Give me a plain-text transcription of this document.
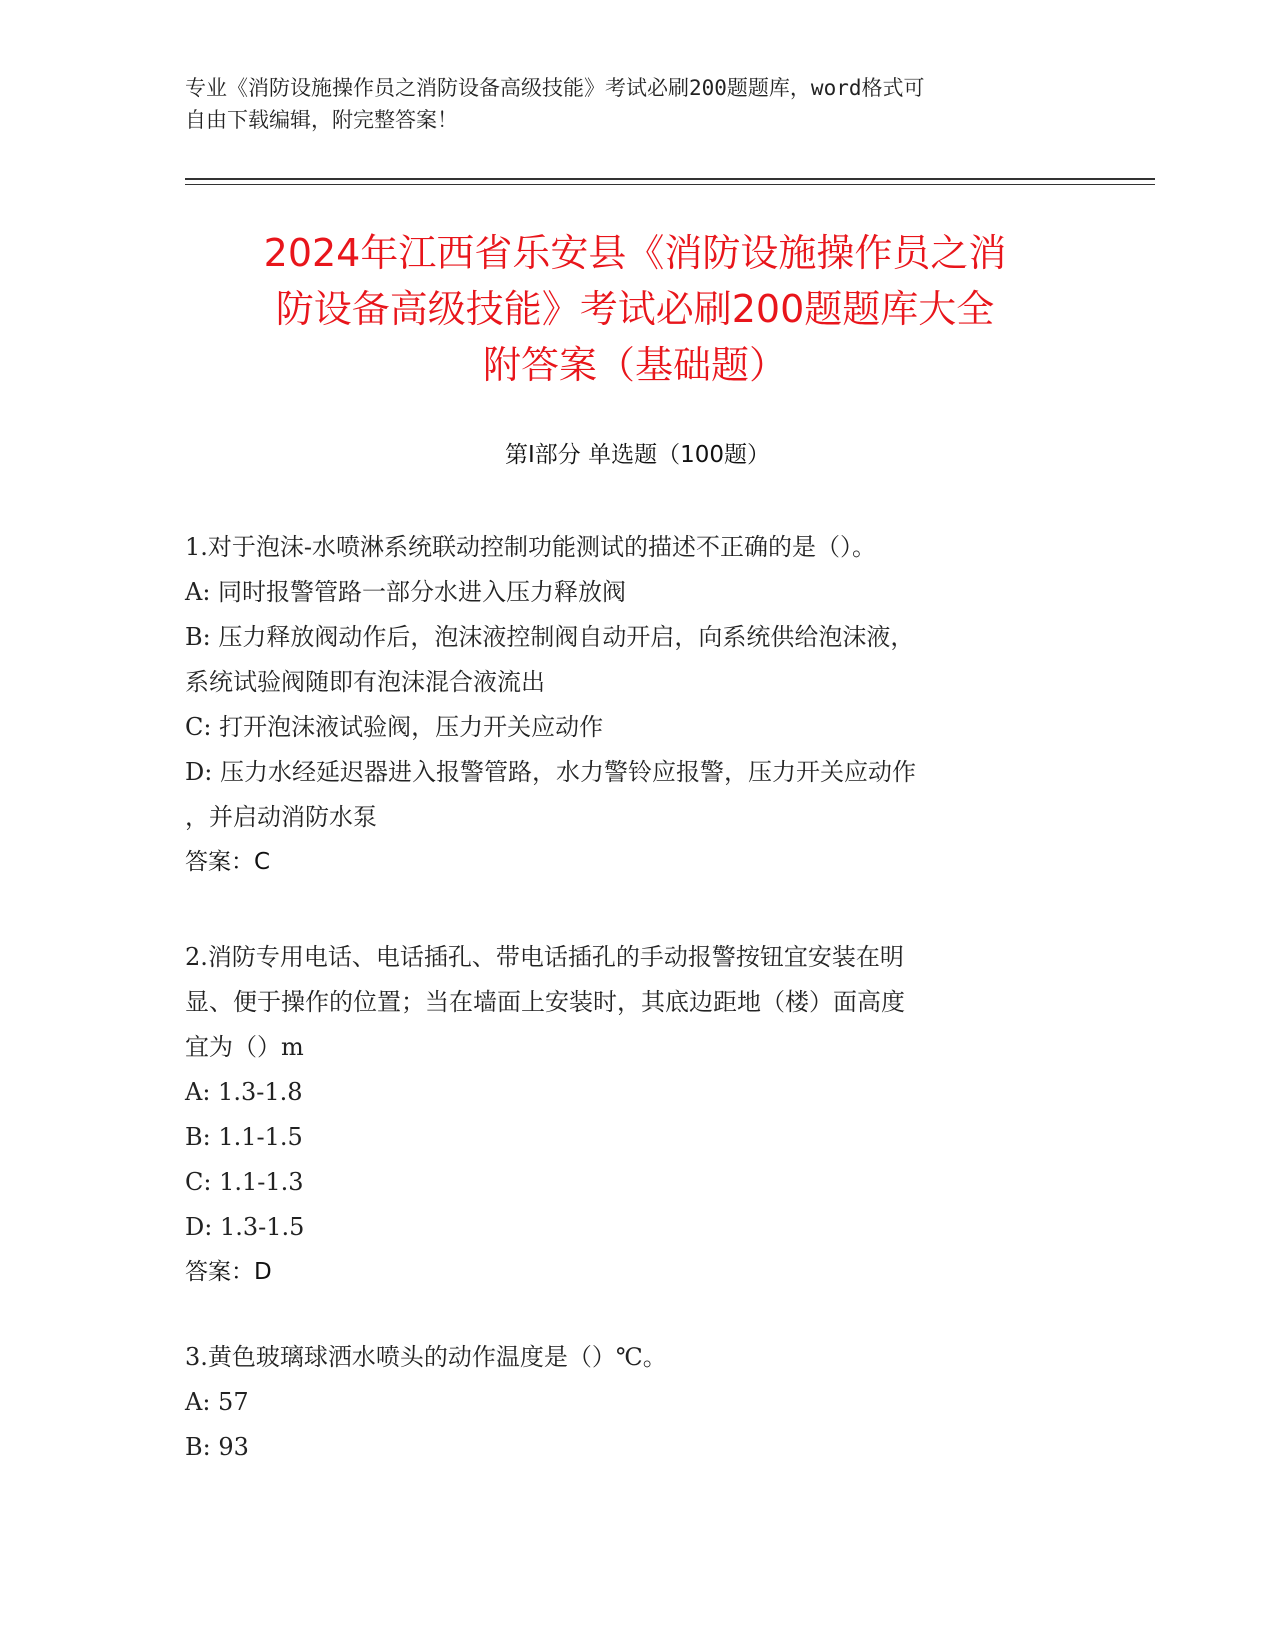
专业《消防设施操作员之消防设备高级技能》考试必刷200题题库，word格式可
自由下载编辑，附完整答案！
2024年江西省乐安县《消防设施操作员之消
防设备高级技能》考试必刷200题题库大全
附答案（基础题）
第Ⅰ部分 单选题（100题）
1.对于泡沫-水喷淋系统联动控制功能测试的描述不正确的是（）。
A: 同时报警管路一部分水进入压力释放阀
B: 压力释放阀动作后，泡沫液控制阀自动开启，向系统供给泡沫液，
系统试验阀随即有泡沫混合液流出
C: 打开泡沫液试验阀，压力开关应动作
D: 压力水经延迟器进入报警管路，水力警铃应报警，压力开关应动作
，并启动消防水泵
答案：C
2.消防专用电话、电话插孔、带电话插孔的手动报警按钮宜安装在明
显、便于操作的位置；当在墙面上安装时，其底边距地（楼）面高度
宜为（）m
A: 1.3-1.8
B: 1.1-1.5
C: 1.1-1.3
D: 1.3-1.5
答案：D
3.黄色玻璃球洒水喷头的动作温度是（）℃。
A: 57
B: 93
